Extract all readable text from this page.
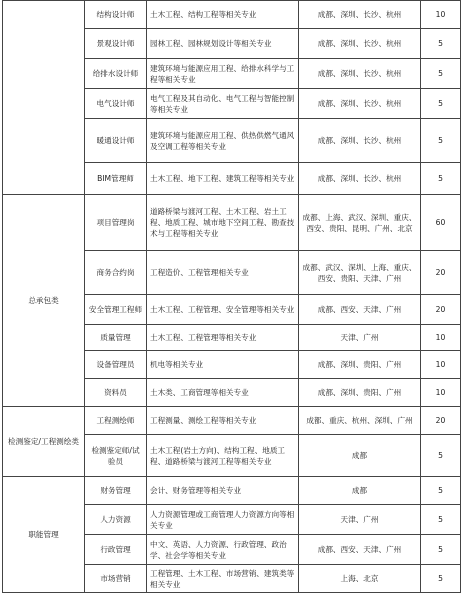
	结构设计师	土木工程、结构工程等相关专业	成都、深圳、长沙、杭州	10
	景观设计师	园林工程、园林规划设计等相关专业	成都、深圳、长沙、杭州	5
	给排水设计师	建筑环境与能源应用工程、给排水科学与工程等相关专业	成都、深圳、长沙、杭州	5
	电气设计师	电气工程及其自动化、电气工程与智能控制等相关专业	成都、深圳、长沙、杭州	5
	暖通设计师	建筑环境与能源应用工程、供热供燃气通风及空调工程等相关专业	成都、深圳、长沙、杭州	5
	BIM管理师	土木工程、地下工程、建筑工程等相关专业	成都、深圳、长沙、杭州	5
总承包类	项目管理岗	道路桥梁与渡河工程、土木工程、岩土工程、地质工程、城市地下空间工程、勘查技术与工程等相关专业	成都、上海、武汉、深圳、重庆、西安、贵阳、昆明、广州、北京	60
	商务合约岗	工程造价、工程管理相关专业	成都、武汉、深圳、上海、重庆、西安、贵阳、天津、广州	20
	安全管理工程师	土木工程、工程管理、安全管理等相关专业	成都、西安、天津、广州	20
	质量管理	土木工程、工程管理等相关专业	天津、广州	10
	设备管理员	机电等相关专业	成都、深圳、贵阳、广州	10
	资料员	土木类、工商管理等相关专业	成都、深圳、贵阳、广州	10
检测鉴定/工程测绘类	工程测绘师	工程测量、测绘工程等相关专业	成都、重庆、杭州、深圳、广州	20
	检测鉴定师/试验员	土木工程(岩土方向)、结构工程、地质工程、道路桥梁与渡河工程等相关专业	成都	5
职能管理	财务管理	会计、财务管理等相关专业	成都	5
	人力资源	人力资源管理或工商管理人力资源方向等相关专业	天津、广州	5
	行政管理	中文、英语、人力资源、行政管理、政治学、社会学等相关专业	成都、西安、天津、广州	5
	市场营销	工程管理、土木工程、市场营销、建筑类等相关专业	上海、北京	5
